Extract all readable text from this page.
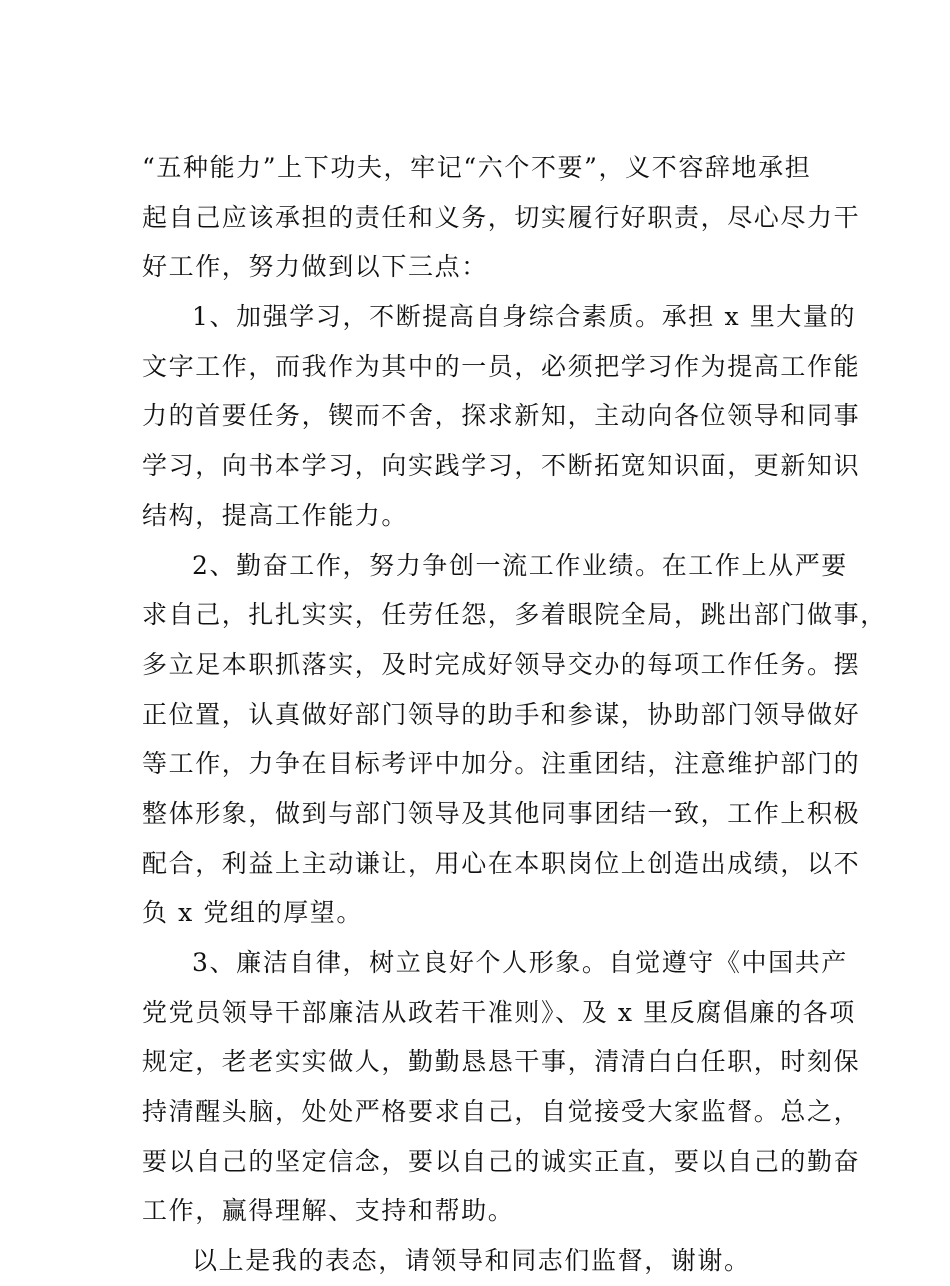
“五种能力”上下功夫，牢记“六个不要”，义不容辞地承担
起自己应该承担的责任和义务，切实履行好职责，尽心尽力干
好工作，努力做到以下三点：
1、加强学习，不断提高自身综合素质。承担 x 里大量的
文字工作，而我作为其中的一员，必须把学习作为提高工作能
力的首要任务，锲而不舍，探求新知，主动向各位领导和同事
学习，向书本学习，向实践学习，不断拓宽知识面，更新知识
结构，提高工作能力。
2、勤奋工作，努力争创一流工作业绩。在工作上从严要
求自己，扎扎实实，任劳任怨，多着眼院全局，跳出部门做事，
多立足本职抓落实，及时完成好领导交办的每项工作任务。摆
正位置，认真做好部门领导的助手和参谋，协助部门领导做好
等工作，力争在目标考评中加分。注重团结，注意维护部门的
整体形象，做到与部门领导及其他同事团结一致，工作上积极
配合，利益上主动谦让，用心在本职岗位上创造出成绩，以不
负 x 党组的厚望。
3、廉洁自律，树立良好个人形象。自觉遵守《中国共产
党党员领导干部廉洁从政若干准则》、及 x 里反腐倡廉的各项
规定，老老实实做人，勤勤恳恳干事，清清白白任职，时刻保
持清醒头脑，处处严格要求自己，自觉接受大家监督。总之，
要以自己的坚定信念，要以自己的诚实正直，要以自己的勤奋
工作，赢得理解、支持和帮助。
以上是我的表态，请领导和同志们监督，谢谢。
